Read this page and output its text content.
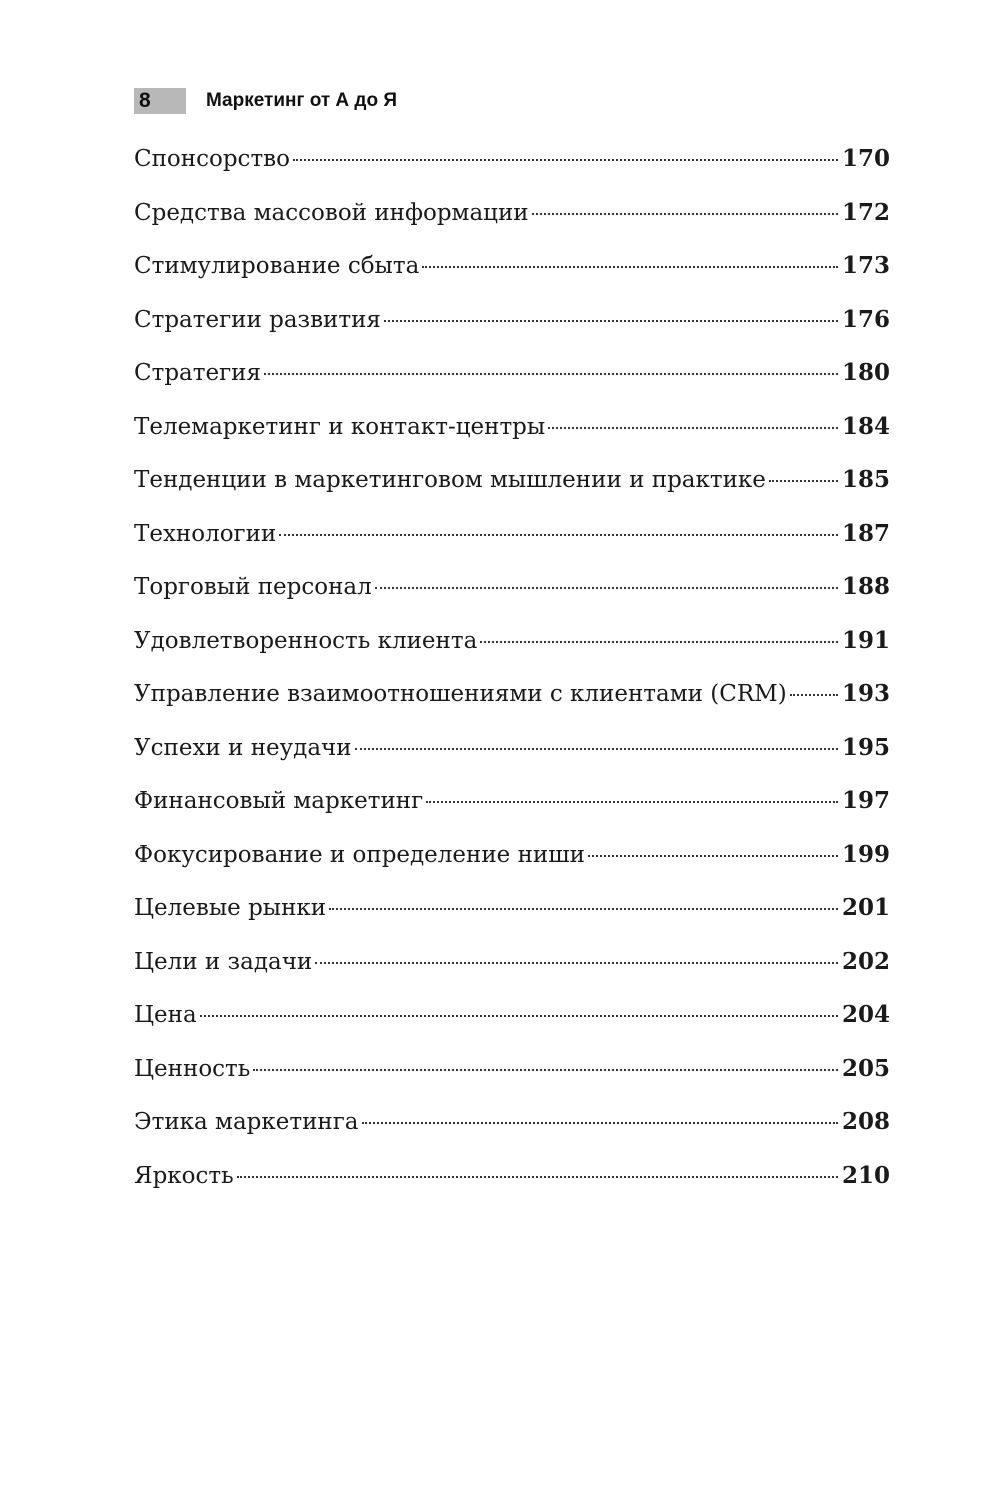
8	Маркетинг от А до Я
Спонсорство	170
Средства массовой информации	172
Стимулирование сбыта	173
Стратегии развития	176
Стратегия	180
Телемаркетинг и контакт-центры	184
Тенденции в маркетинговом мышлении и практике	185
Технологии	187
Торговый персонал	188
Удовлетворенность клиента	191
Управление взаимоотношениями с клиентами (CRM) 193
Успехи и неудачи	195
Финансовый маркетинг	197
Фокусирование и определение ниши	199
Целевые рынки	201
Цели и задачи	202
Цена	204
Ценность	205
Этика маркетинга	208
Яркость	210
